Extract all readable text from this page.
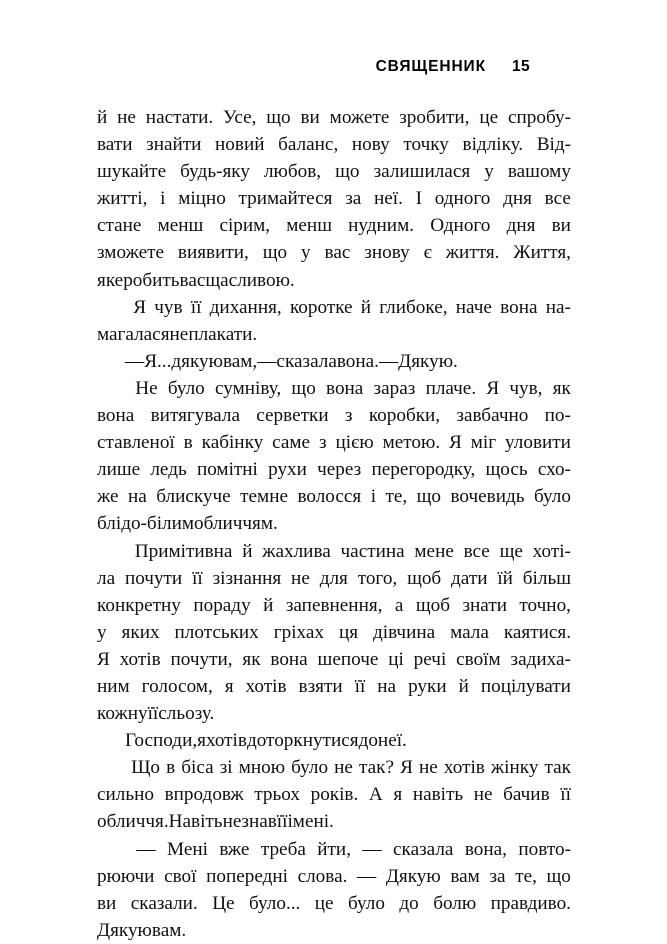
СВЯЩЕННИК 15

й не настати. Усе, що ви можете зробити, це спробу-
вати знайти новий баланс, нову точку відліку. Від-
шукайте будь-яку любов, що залишилася у вашому
житті, і міцно тримайтеся за неї. І одного дня все
стане менш сірим, менш нудним. Одного дня ви
зможете виявити, що у вас знову є життя. Життя,
яке робить вас щасливою.

Я чув її дихання, коротке й глибоке, наче вона на-
магалася не плакати.

— Я... дякую вам, — сказала вона. — Дякую.

Не було сумніву, що вона зараз плаче. Я чув, як
вона витягувала серветки з коробки, завбачно по-
ставленої в кабінку саме з цією метою. Я міг уловити
лише ледь помітні рухи через перегородку, щось схо-
же на блискуче темне волосся і те, що вочевидь було
блідо-білим обличчям.

Примітивна й жахлива частина мене все ще хоті-
ла почути її зізнання не для того, щоб дати їй більш
конкретну пораду й запевнення, а щоб знати точно,
у яких плотських гріхах ця дівчина мала каятися.
Я хотів почути, як вона шепоче ці речі своїм задиха-
ним голосом, я хотів взяти її на руки й поцілувати
кожну її сльозу.

Господи, я хотів доторкнутися до неї.

Що в біса зі мною було не так? Я не хотів жінку так
сильно впродовж трьох років. А я навіть не бачив її
обличчя. Навіть не знав її імені.

— Мені вже треба йти, — сказала вона, повто-
рюючи свої попередні слова. — Дякую вам за те, що
ви сказали. Це було... це було до болю правдиво.
Дякую вам.
